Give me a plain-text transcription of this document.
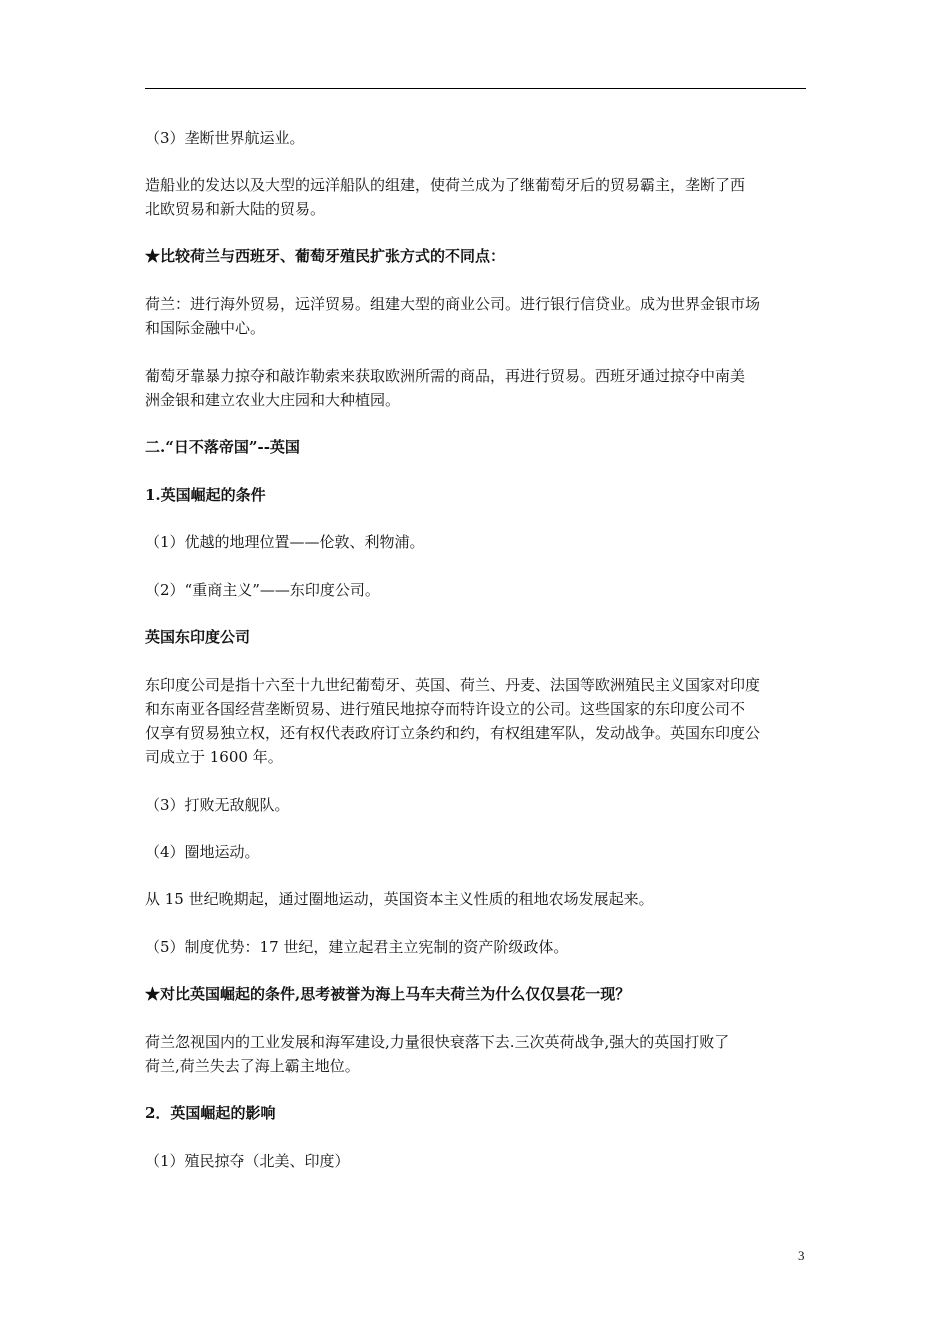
（3）垄断世界航运业。
造船业的发达以及大型的远洋船队的组建，使荷兰成为了继葡萄牙后的贸易霸主，垄断了西
北欧贸易和新大陆的贸易。
★比较荷兰与西班牙、葡萄牙殖民扩张方式的不同点：
荷兰：进行海外贸易，远洋贸易。组建大型的商业公司。进行银行信贷业。成为世界金银市场
和国际金融中心。
葡萄牙靠暴力掠夺和敲诈勒索来获取欧洲所需的商品，再进行贸易。西班牙通过掠夺中南美
洲金银和建立农业大庄园和大种植园。
二.“日不落帝国”--英国
1.英国崛起的条件
（1）优越的地理位置——伦敦、利物浦。
（2）“重商主义”——东印度公司。
英国东印度公司
东印度公司是指十六至十九世纪葡萄牙、英国、荷兰、丹麦、法国等欧洲殖民主义国家对印度
和东南亚各国经营垄断贸易、进行殖民地掠夺而特许设立的公司。这些国家的东印度公司不
仅享有贸易独立权，还有权代表政府订立条约和约，有权组建军队，发动战争。英国东印度公
司成立于 1600 年。
（3）打败无敌舰队。
（4）圈地运动。
从 15 世纪晚期起，通过圈地运动，英国资本主义性质的租地农场发展起来。
（5）制度优势：17 世纪，建立起君主立宪制的资产阶级政体。
★对比英国崛起的条件,思考被誉为海上马车夫荷兰为什么仅仅昙花一现？
荷兰忽视国内的工业发展和海军建设,力量很快衰落下去.三次英荷战争,强大的英国打败了
荷兰,荷兰失去了海上霸主地位。
2．英国崛起的影响
（1）殖民掠夺（北美、印度）
3
